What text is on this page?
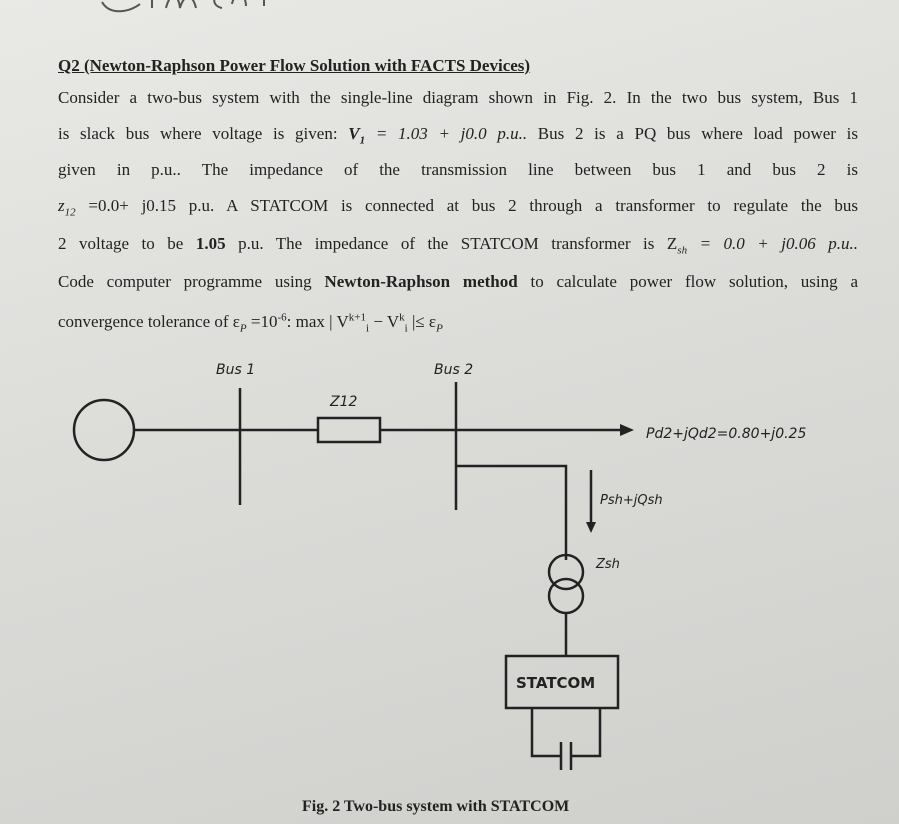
Q2 (Newton-Raphson Power Flow Solution with FACTS Devices)
Consider a two-bus system with the single-line diagram shown in Fig. 2. In the two bus system, Bus 1
is slack bus where voltage is given: $V_1 = 1.03 + j0.0$ p.u.. Bus 2 is a PQ bus where load power is
given in p.u.. The impedance of the transmission line between bus 1 and bus 2 is
$z_{12} =0.0+ j0.15$ p.u. A STATCOM is connected at bus 2 through a transformer to regulate the bus
2 voltage to be 1.05 p.u. The impedance of the STATCOM transformer is $Z_{sh} = 0.0 + j0.06$ p.u..
Code computer programme using Newton-Raphson method to calculate power flow solution, using a
convergence tolerance of $\varepsilon_P =10^{-6}$: max | $V^{k+1}_i - V^k_i$ |≤ $\varepsilon_P$
Bus 1	Bus 2
Z12
Pd2+jQd2=0.80+j0.25
Psh+jQsh
Zsh
STATCOM
Fig. 2 Two-bus system with STATCOM
